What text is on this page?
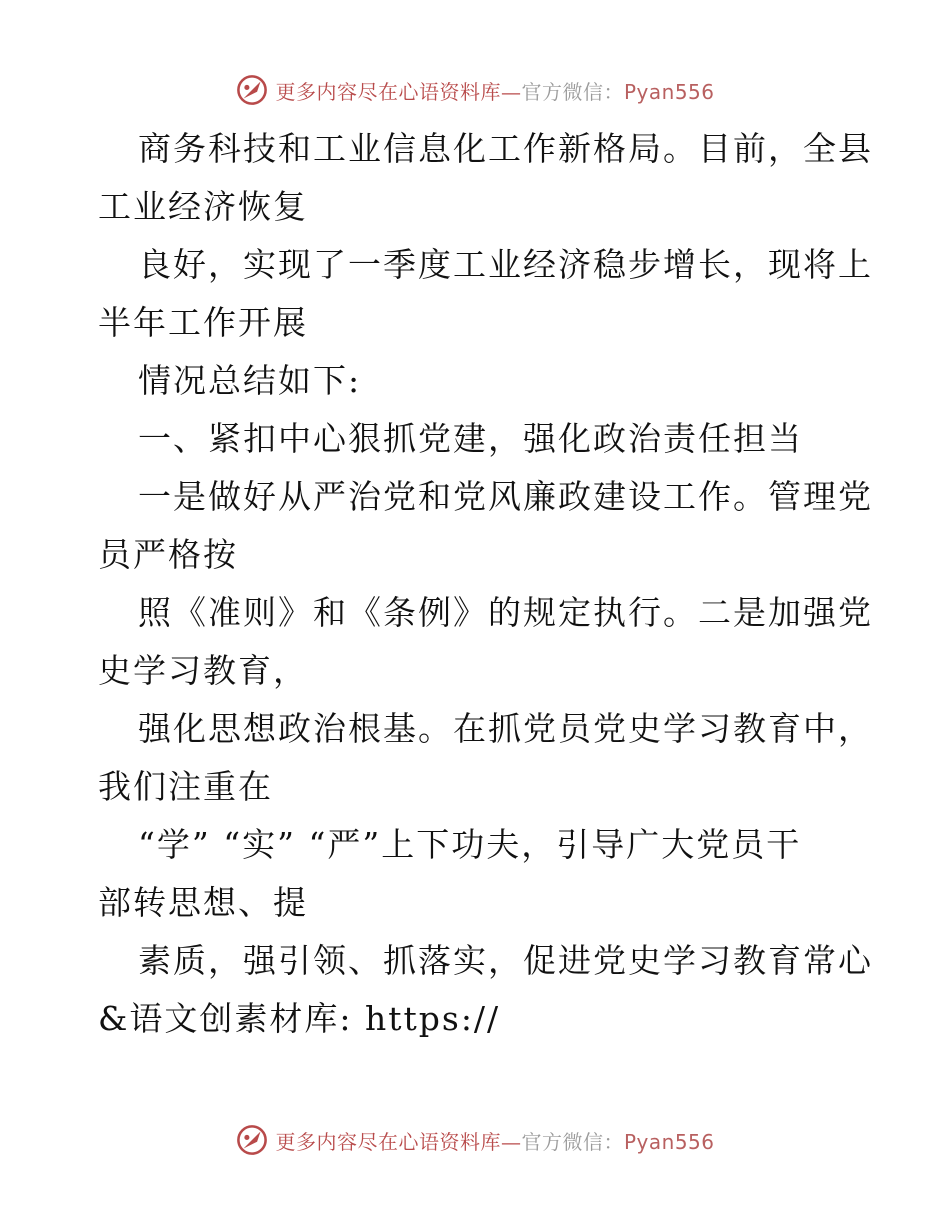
更多内容尽在心语资料库—官方微信：Pyan556
商务科技和工业信息化工作新格局。目前，全县
工业经济恢复
良好，实现了一季度工业经济稳步增长，现将上
半年工作开展
情况总结如下:
一、紧扣中心狠抓党建，强化政治责任担当
一是做好从严治党和党风廉政建设工作。管理党
员严格按
照《准则》和《条例》的规定执行。二是加强党
史学习教育，
强化思想政治根基。在抓党员党史学习教育中，
我们注重在
“学” “实” “严”上下功夫，引导广大党员干
部转思想、提
素质，强引领、抓落实，促进党史学习教育常心
&语文创素材库: https://
更多内容尽在心语资料库—官方微信：Pyan556
